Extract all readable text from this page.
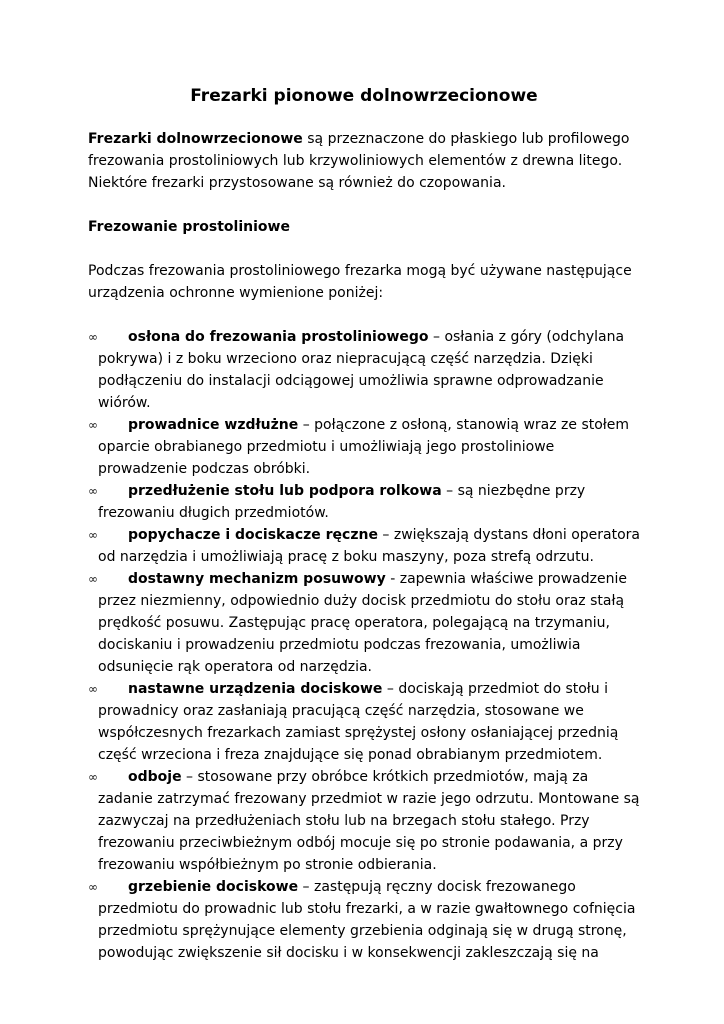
Frezarki pionowe dolnowrzecionowe

Frezarki dolnowrzecionowe są przeznaczone do płaskiego lub profilowego frezowania prostoliniowych lub krzywoliniowych elementów z drewna litego. Niektóre frezarki przystosowane są również do czopowania.

Frezowanie prostoliniowe

Podczas frezowania prostoliniowego frezarka mogą być używane następujące urządzenia ochronne wymienione poniżej:

∞ osłona do frezowania prostoliniowego – osłania z góry (odchylana pokrywa) i z boku wrzeciono oraz niepracującą część narzędzia. Dzięki podłączeniu do instalacji odciągowej umożliwia sprawne odprowadzanie wiórów.
∞ prowadnice wzdłużne – połączone z osłoną, stanowią wraz ze stołem oparcie obrabianego przedmiotu i umożliwiają jego prostoliniowe prowadzenie podczas obróbki.
∞ przedłużenie stołu lub podpora rolkowa – są niezbędne przy frezowaniu długich przedmiotów.
∞ popychacze i dociskacze ręczne – zwiększają dystans dłoni operatora od narzędzia i umożliwiają pracę z boku maszyny, poza strefą odrzutu.
∞ dostawny mechanizm posuwowy - zapewnia właściwe prowadzenie przez niezmienny, odpowiednio duży docisk przedmiotu do stołu oraz stałą prędkość posuwu. Zastępując pracę operatora, polegającą na trzymaniu, dociskaniu i prowadzeniu przedmiotu podczas frezowania, umożliwia odsunięcie rąk operatora od narzędzia.
∞ nastawne urządzenia dociskowe – dociskają przedmiot do stołu i prowadnicy oraz zasłaniają pracującą część narzędzia, stosowane we współczesnych frezarkach zamiast sprężystej osłony osłaniającej przednią część wrzeciona i freza znajdujące się ponad obrabianym przedmiotem.
∞ odboje – stosowane przy obróbce krótkich przedmiotów, mają za zadanie zatrzymać frezowany przedmiot w razie jego odrzutu. Montowane są zazwyczaj na przedłużeniach stołu lub na brzegach stołu stałego. Przy frezowaniu przeciwbieżnym odbój mocuje się po stronie podawania, a przy frezowaniu współbieżnym po stronie odbierania.
∞ grzebienie dociskowe – zastępują ręczny docisk frezowanego przedmiotu do prowadnic lub stołu frezarki, a w razie gwałtownego cofnięcia przedmiotu sprężynujące elementy grzebienia odginają się w drugą stronę, powodując zwiększenie sił docisku i w konsekwencji zakleszczają się na
